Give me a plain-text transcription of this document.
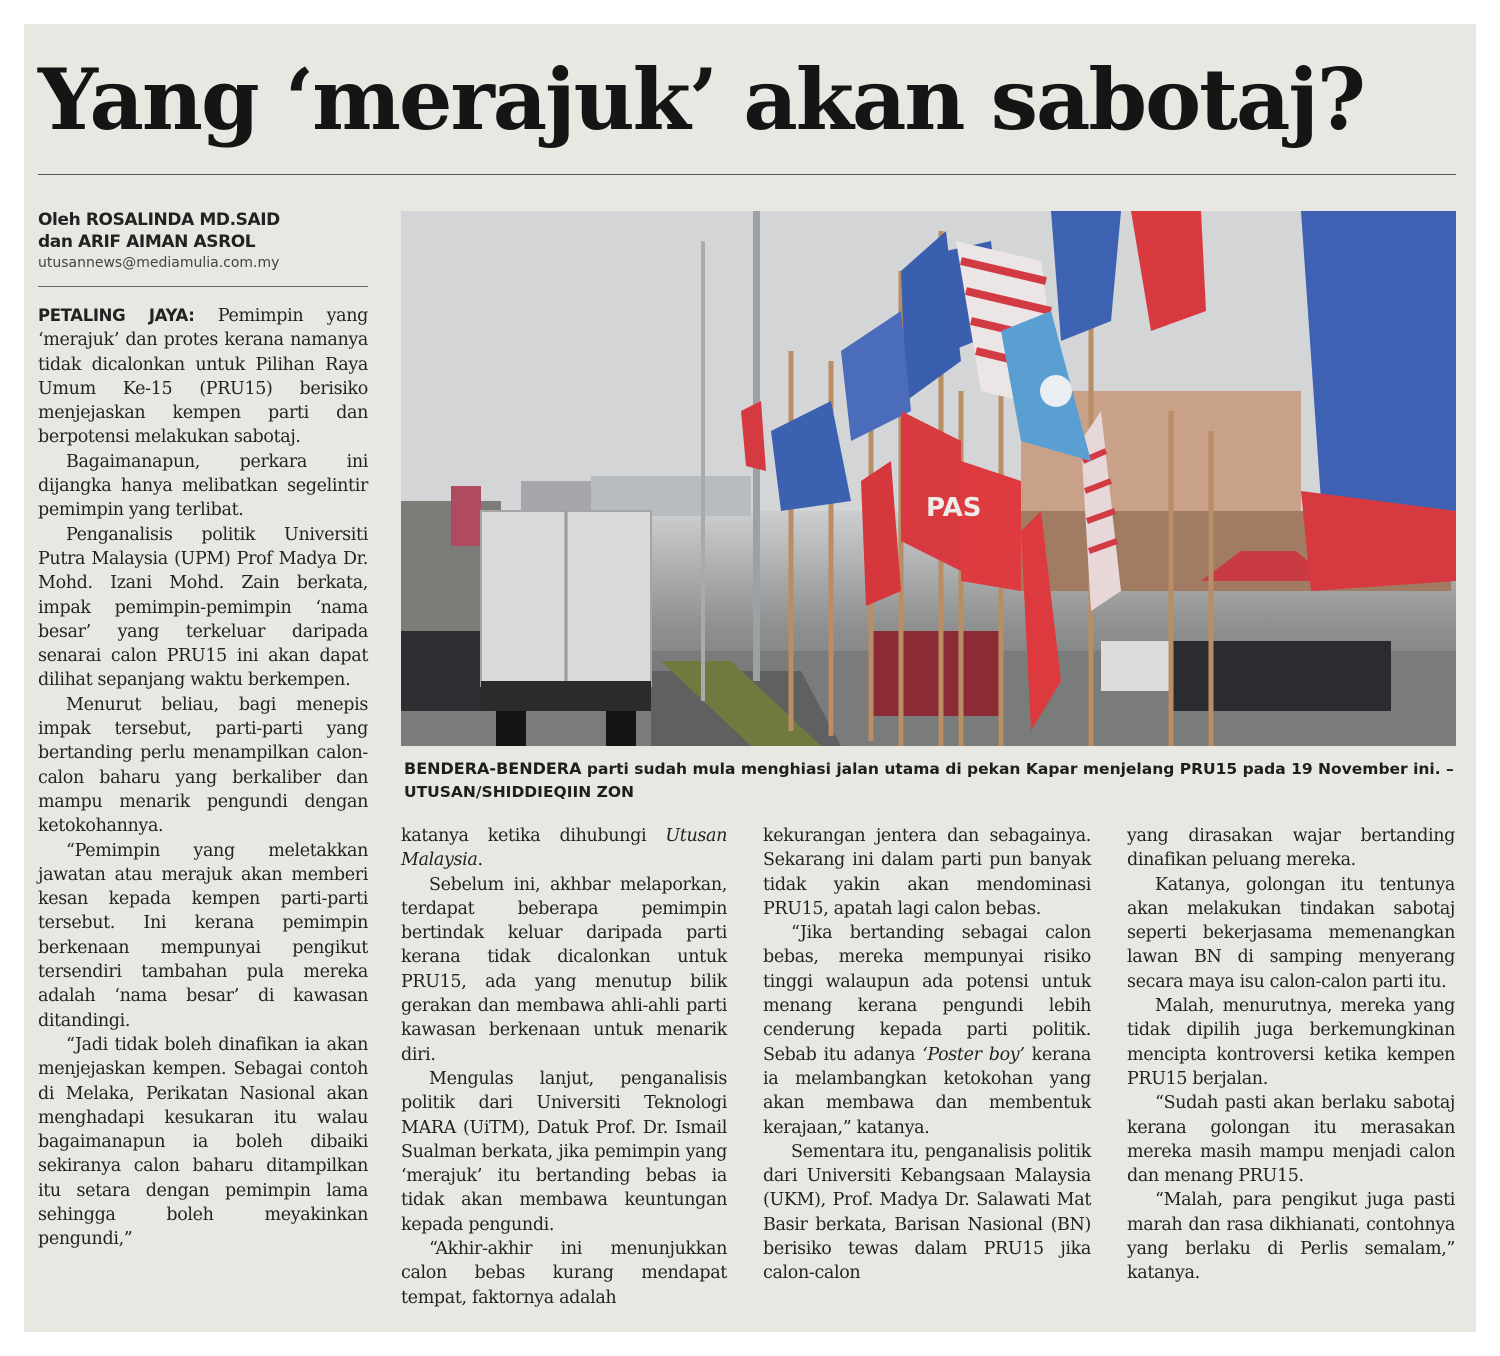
Yang ‘merajuk’ akan sabotaj?
Oleh ROSALINDA MD.SAID
dan ARIF AIMAN ASROL
utusannews@mediamulia.com.my
PAS

BENDERA-BENDERA parti sudah mula menghiasi jalan utama di pekan Kapar menjelang PRU15 pada 19 November ini. – UTUSAN/SHIDDIEQIIN ZON

PETALING JAYA: Pemimpin yang ‘merajuk’ dan protes kerana namanya tidak dicalonkan untuk Pilihan Raya Umum Ke-15 (PRU15) berisiko menjejaskan kempen parti dan berpotensi melakukan sabotaj.

Bagaimanapun, perkara ini dijangka hanya melibatkan segelintir pemimpin yang terlibat.

Penganalisis politik Universiti Putra Malaysia (UPM) Prof Madya Dr. Mohd. Izani Mohd. Zain berkata, impak pemimpin-pemimpin ‘nama besar’ yang terkeluar daripada senarai calon PRU15 ini akan dapat dilihat sepanjang waktu berkempen.

Menurut beliau, bagi menepis impak tersebut, parti-parti yang bertanding perlu menampilkan calon-calon baharu yang berkaliber dan mampu menarik pengundi dengan ketokohannya.

“Pemimpin yang meletakkan jawatan atau merajuk akan memberi kesan kepada kempen parti-parti tersebut. Ini kerana pemimpin berkenaan mempunyai pengikut tersendiri tambahan pula mereka adalah ‘nama besar’ di kawasan ditandingi.

“Jadi tidak boleh dinafikan ia akan menjejaskan kempen. Sebagai contoh di Melaka, Perikatan Nasional akan menghadapi kesukaran itu walau bagaimanapun ia boleh dibaiki sekiranya calon baharu ditampilkan itu setara dengan pemimpin lama sehingga boleh meyakinkan pengundi,”

katanya ketika dihubungi Utusan Malaysia.

Sebelum ini, akhbar melaporkan, terdapat beberapa pemimpin bertindak keluar daripada parti kerana tidak dicalonkan untuk PRU15, ada yang menutup bilik gerakan dan membawa ahli-ahli parti kawasan berkenaan untuk menarik diri.

Mengulas lanjut, penganalisis politik dari Universiti Teknologi MARA (UiTM), Datuk Prof. Dr. Ismail Sualman berkata, jika pemimpin yang ‘merajuk’ itu bertanding bebas ia tidak akan membawa keuntungan kepada pengundi.

“Akhir-akhir ini menunjukkan calon bebas kurang mendapat tempat, faktornya adalah

kekurangan jentera dan sebagainya. Sekarang ini dalam parti pun banyak tidak yakin akan mendominasi PRU15, apatah lagi calon bebas.

“Jika bertanding sebagai calon bebas, mereka mempunyai risiko tinggi walaupun ada potensi untuk menang kerana pengundi lebih cenderung kepada parti politik. Sebab itu adanya ‘Poster boy’ kerana ia melambangkan ketokohan yang akan membawa dan membentuk kerajaan,” katanya.

Sementara itu, penganalisis politik dari Universiti Kebangsaan Malaysia (UKM), Prof. Madya Dr. Salawati Mat Basir berkata, Barisan Nasional (BN) berisiko tewas dalam PRU15 jika calon-calon

yang dirasakan wajar bertanding dinafikan peluang mereka.

Katanya, golongan itu tentunya akan melakukan tindakan sabotaj seperti bekerjasama memenangkan lawan BN di samping menyerang secara maya isu calon-calon parti itu.

Malah, menurutnya, mereka yang tidak dipilih juga berkemungkinan mencipta kontroversi ketika kempen PRU15 berjalan.

“Sudah pasti akan berlaku sabotaj kerana golongan itu merasakan mereka masih mampu menjadi calon dan menang PRU15.

“Malah, para pengikut juga pasti marah dan rasa dikhianati, contohnya yang berlaku di Perlis semalam,” katanya.
